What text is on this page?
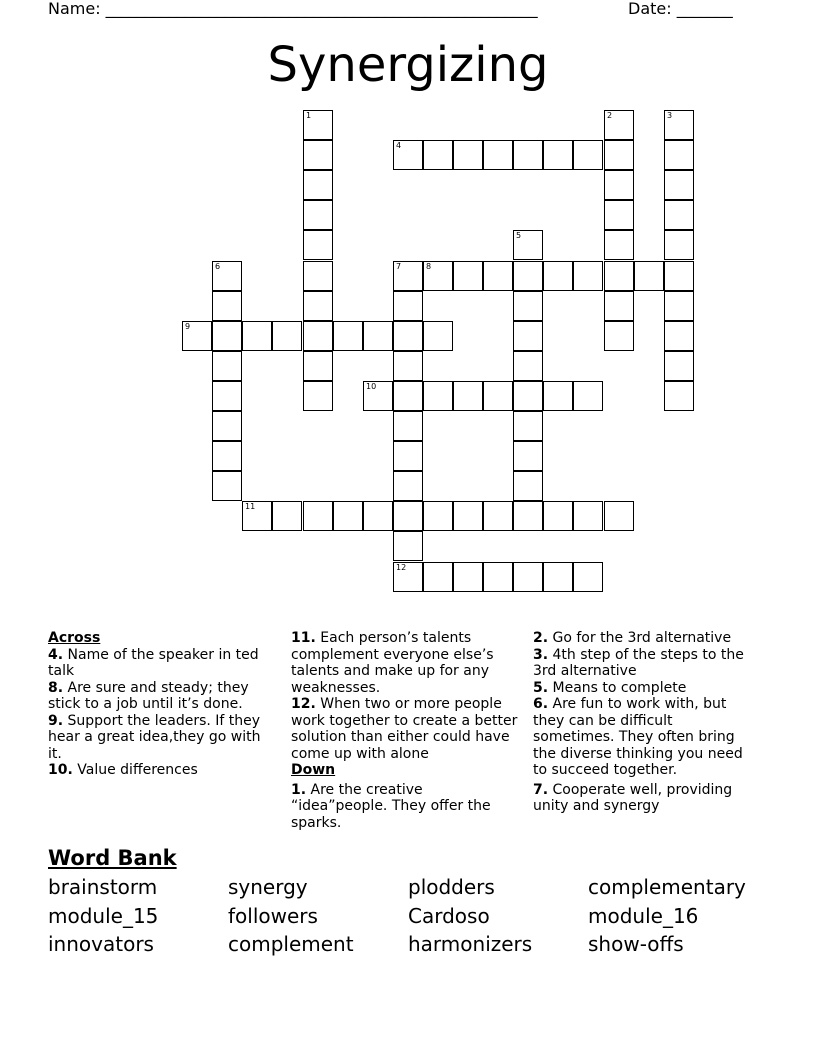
Name: ______________________________________________________	Date: _______
Synergizing
4
8
9
10
11
12
1	2	3
5
6	7
Across
4. Name of the speaker in ted talk
8. Are sure and steady; they stick to a job until it’s done.
9. Support the leaders. If they hear a great idea,they go with it.
10. Value differences
11. Each person’s talents complement everyone else’s talents and make up for any weaknesses.
12. When two or more people work together to create a better solution than either could have come up with alone
Down
1. Are the creative “idea”people. They offer the sparks.
2. Go for the 3rd alternative
3. 4th step of the steps to the 3rd alternative
5. Means to complete
6. Are fun to work with, but they can be difficult sometimes. They often bring the diverse thinking you need to succeed together.
7. Cooperate well, providing unity and synergy
Word Bank
brainstorm	synergy	plodders	complementary
module_15	followers	Cardoso	module_16
innovators	complement	harmonizers	show-offs
